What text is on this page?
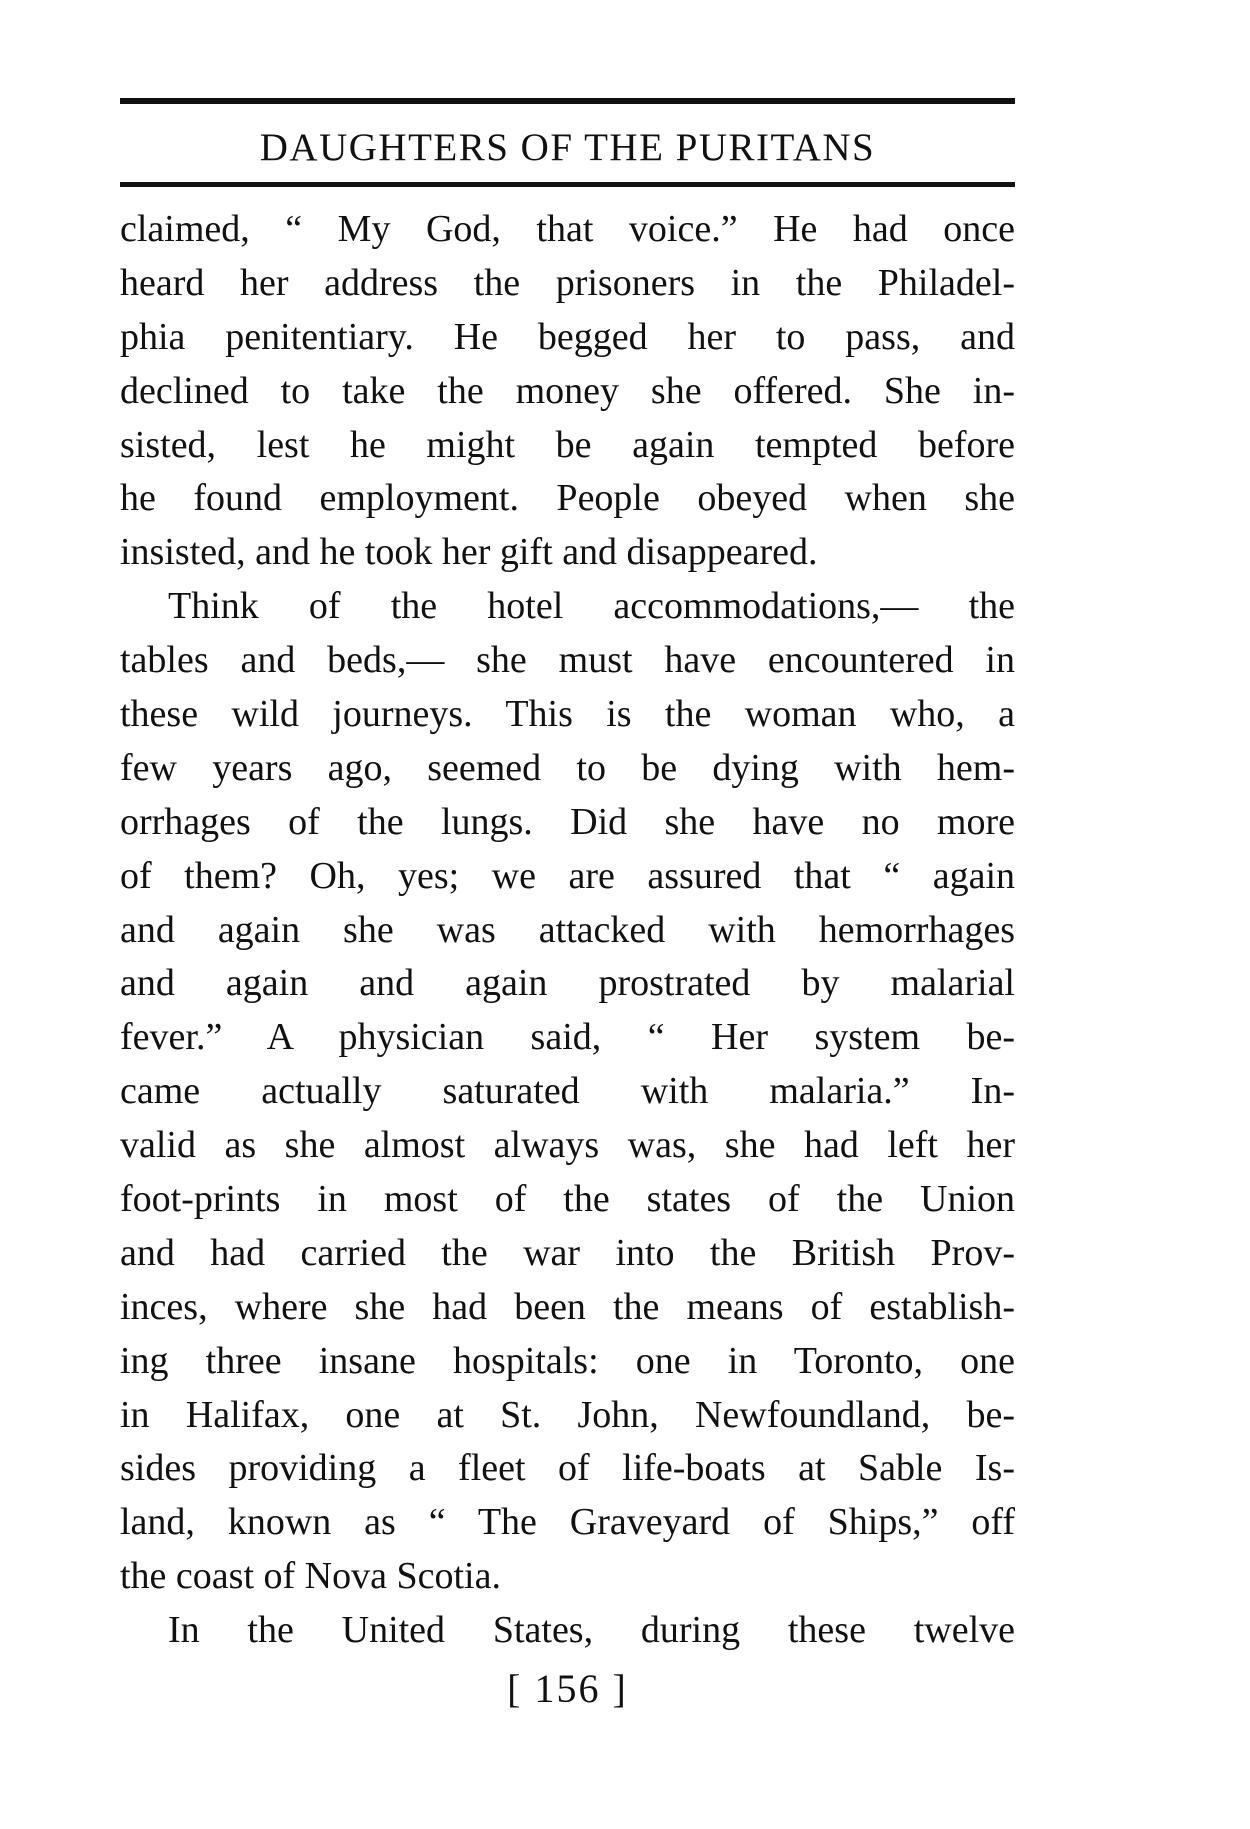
DAUGHTERS OF THE PURITANS
claimed, “ My God, that voice.” He had once
heard her address the prisoners in the Philadel-
phia penitentiary. He begged her to pass, and
declined to take the money she offered. She in-
sisted, lest he might be again tempted before
he found employment. People obeyed when she
insisted, and he took her gift and disappeared.
Think of the hotel accommodations,— the
tables and beds,— she must have encountered in
these wild journeys. This is the woman who, a
few years ago, seemed to be dying with hem-
orrhages of the lungs. Did she have no more
of them? Oh, yes; we are assured that “ again
and again she was attacked with hemorrhages
and again and again prostrated by malarial
fever.” A physician said, “ Her system be-
came actually saturated with malaria.” In-
valid as she almost always was, she had left her
foot-prints in most of the states of the Union
and had carried the war into the British Prov-
inces, where she had been the means of establish-
ing three insane hospitals: one in Toronto, one
in Halifax, one at St. John, Newfoundland, be-
sides providing a fleet of life-boats at Sable Is-
land, known as “ The Graveyard of Ships,” off
the coast of Nova Scotia.
In the United States, during these twelve
[ 156 ]
